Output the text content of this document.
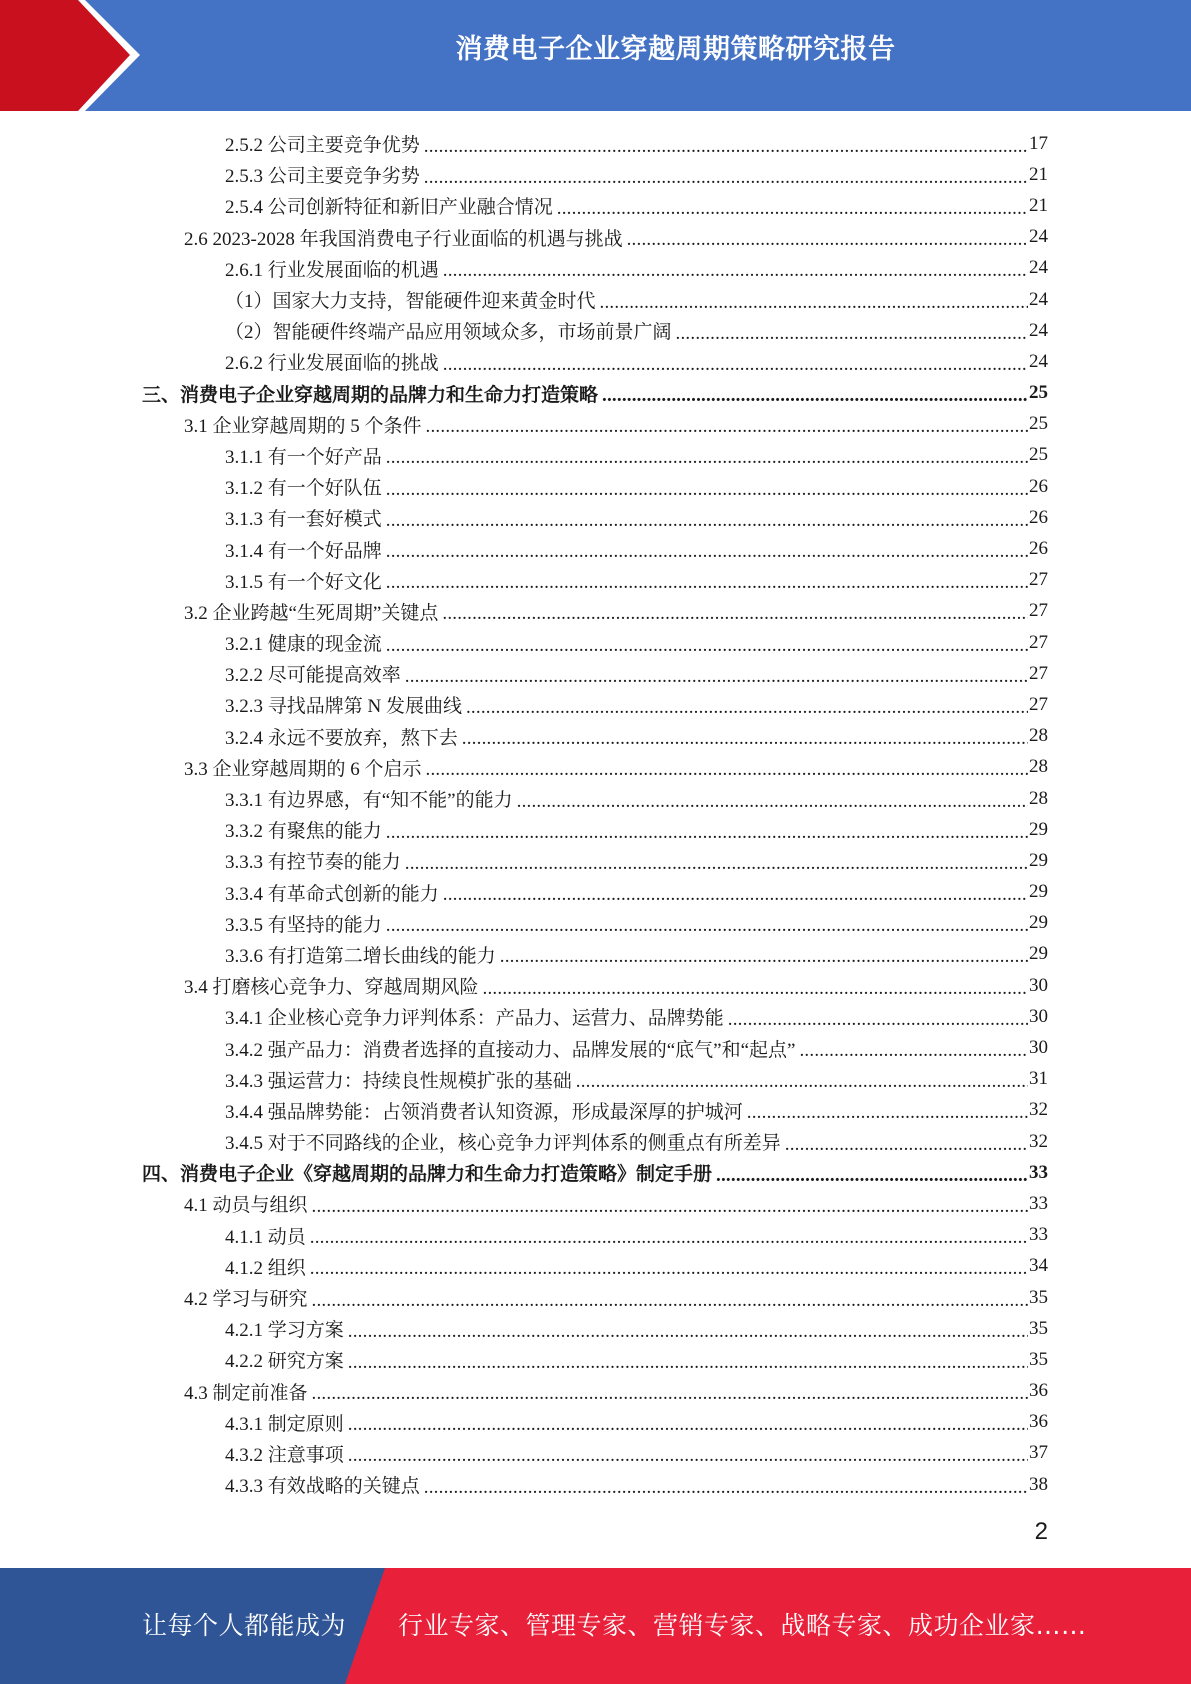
消费电子企业穿越周期策略研究报告
2.5.2 公司主要竞争优势 .....	17
2.5.3 公司主要竞争劣势 .....	21
2.5.4 公司创新特征和新旧产业融合情况 .....	21
2.6 2023-2028 年我国消费电子行业面临的机遇与挑战 .....	24
2.6.1 行业发展面临的机遇 .....	24
（1）国家大力支持，智能硬件迎来黄金时代 .....	24
（2）智能硬件终端产品应用领域众多，市场前景广阔 .....	24
2.6.2 行业发展面临的挑战 .....	24
三、消费电子企业穿越周期的品牌力和生命力打造策略 .....	25
3.1 企业穿越周期的 5 个条件 .....	25
3.1.1 有一个好产品 .....	25
3.1.2 有一个好队伍 .....	26
3.1.3 有一套好模式 .....	26
3.1.4 有一个好品牌 .....	26
3.1.5 有一个好文化 .....	27
3.2 企业跨越“生死周期”关键点 .....	27
3.2.1 健康的现金流 .....	27
3.2.2 尽可能提高效率 .....	27
3.2.3 寻找品牌第 N 发展曲线 .....	27
3.2.4 永远不要放弃，熬下去 .....	28
3.3 企业穿越周期的 6 个启示 .....	28
3.3.1 有边界感，有“知不能”的能力 .....	28
3.3.2 有聚焦的能力 .....	29
3.3.3 有控节奏的能力 .....	29
3.3.4 有革命式创新的能力 .....	29
3.3.5 有坚持的能力 .....	29
3.3.6 有打造第二增长曲线的能力 .....	29
3.4 打磨核心竞争力、穿越周期风险 .....	30
3.4.1 企业核心竞争力评判体系：产品力、运营力、品牌势能 .....	30
3.4.2 强产品力：消费者选择的直接动力、品牌发展的“底气”和“起点” .....	30
3.4.3 强运营力：持续良性规模扩张的基础 .....	31
3.4.4 强品牌势能：占领消费者认知资源，形成最深厚的护城河 .....	32
3.4.5 对于不同路线的企业，核心竞争力评判体系的侧重点有所差异 .....	32
四、消费电子企业《穿越周期的品牌力和生命力打造策略》制定手册 .....	33
4.1 动员与组织 .....	33
4.1.1 动员 .....	33
4.1.2 组织 .....	34
4.2 学习与研究 .....	35
4.2.1 学习方案 .....	35
4.2.2 研究方案 .....	35
4.3 制定前准备 .....	36
4.3.1 制定原则 .....	36
4.3.2 注意事项 .....	37
4.3.3 有效战略的关键点 .....	38
2
让每个人都能成为 行业专家、管理专家、营销专家、战略专家、成功企业家……
